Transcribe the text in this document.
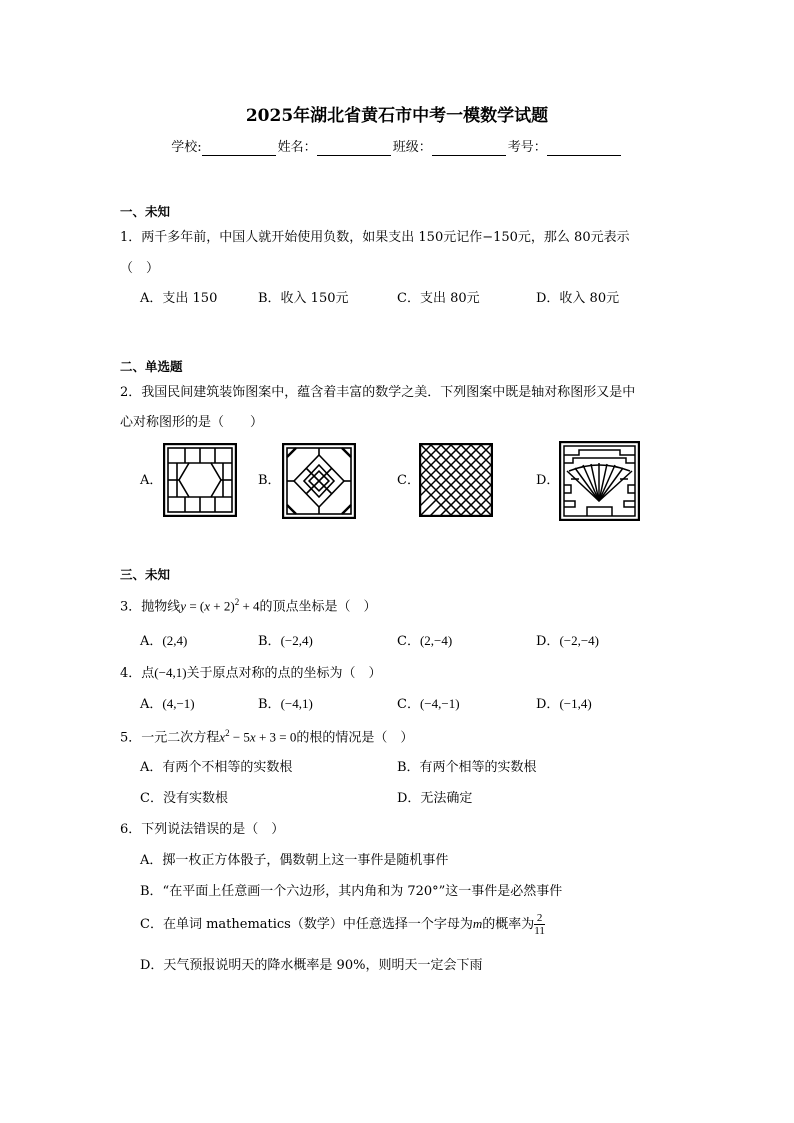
2025年湖北省黄石市中考一模数学试题
学校:	姓名：	班级：	考号：
一、未知
1．两千多年前，中国人就开始使用负数，如果支出 150元记作−150元，那么 80元表示
（　）
A．支出 150	B．收入 150元	C．支出 80元	D．收入 80元
二、单选题
2．我国民间建筑装饰图案中，蕴含着丰富的数学之美．下列图案中既是轴对称图形又是中
心对称图形的是（　　）
A．	B．	C．	D．
三、未知
3．抛物线$y = (x + 2)^2 + 4$的顶点坐标是（　）
A．(2,4)	B．(−2,4)	C．(2,−4)	D．(−2,−4)
4．点(−4,1)关于原点对称的点的坐标为（　）
A．(4,−1)	B．(−4,1)	C．(−4,−1)	D．(−1,4)
5．一元二次方程$x^2 - 5x + 3 = 0$的根的情况是（　）
A．有两个不相等的实数根	B．有两个相等的实数根
C．没有实数根	D．无法确定
6．下列说法错误的是（　）
A．掷一枚正方体骰子，偶数朝上这一事件是随机事件
B．“在平面上任意画一个六边形，其内角和为 720°”这一事件是必然事件
C．在单词 mathematics（数学）中任意选择一个字母为m的概率为 $\frac{2}{11}$
D．天气预报说明天的降水概率是 90%，则明天一定会下雨
